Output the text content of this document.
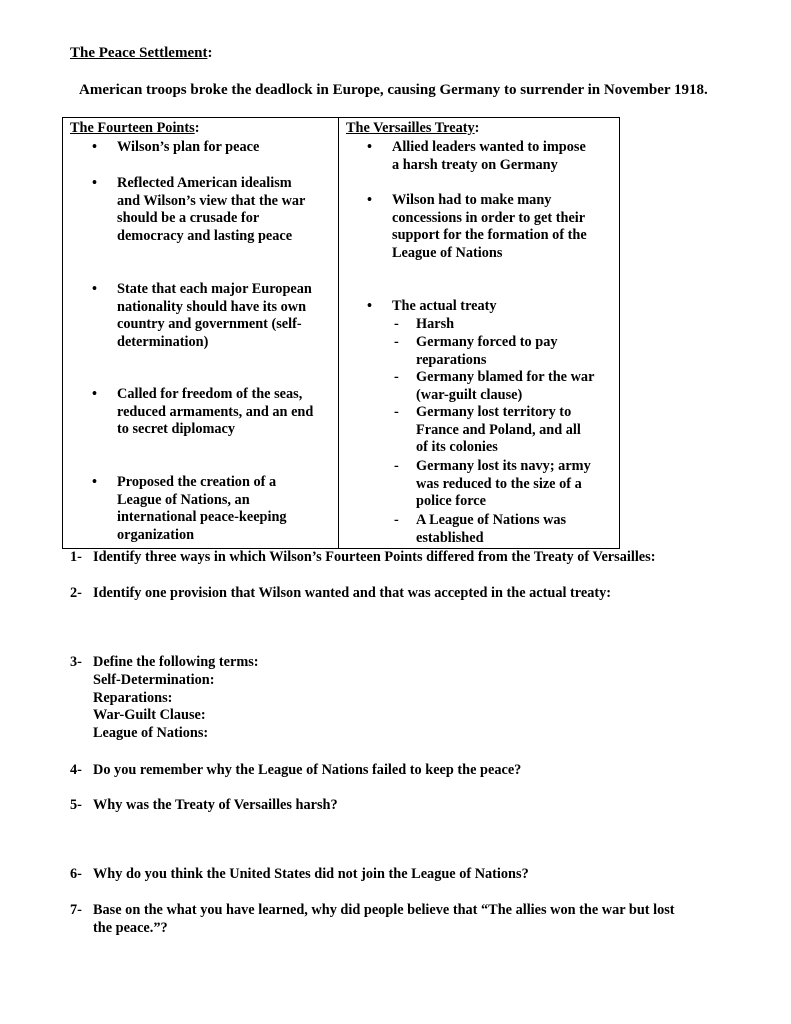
The Peace Settlement:
American troops broke the deadlock in Europe, causing Germany to surrender in November 1918.
The Fourteen Points:
• Wilson’s plan for peace
• Reflected American idealism
and Wilson’s view that the war
should be a crusade for
democracy and lasting peace
• State that each major European
nationality should have its own
country and government (self-
determination)
• Called for freedom of the seas,
reduced armaments, and an end
to secret diplomacy
• Proposed the creation of a
League of Nations, an
international peace-keeping
organization

The Versailles Treaty:
• Allied leaders wanted to impose
a harsh treaty on Germany
• Wilson had to make many
concessions in order to get their
support for the formation of the
League of Nations
• The actual treaty
- Harsh
- Germany forced to pay
reparations
- Germany blamed for the war
(war-guilt clause)
- Germany lost territory to
France and Poland, and all
of its colonies
- Germany lost its navy; army
was reduced to the size of a
police force
- A League of Nations was
established
1- Identify three ways in which Wilson’s Fourteen Points differed from the Treaty of Versailles:
2- Identify one provision that Wilson wanted and that was accepted in the actual treaty:
3- Define the following terms:
Self-Determination:
Reparations:
War-Guilt Clause:
League of Nations:
4- Do you remember why the League of Nations failed to keep the peace?
5- Why was the Treaty of Versailles harsh?
6- Why do you think the United States did not join the League of Nations?
7- Base on the what you have learned, why did people believe that “The allies won the war but lost
the peace.”?
